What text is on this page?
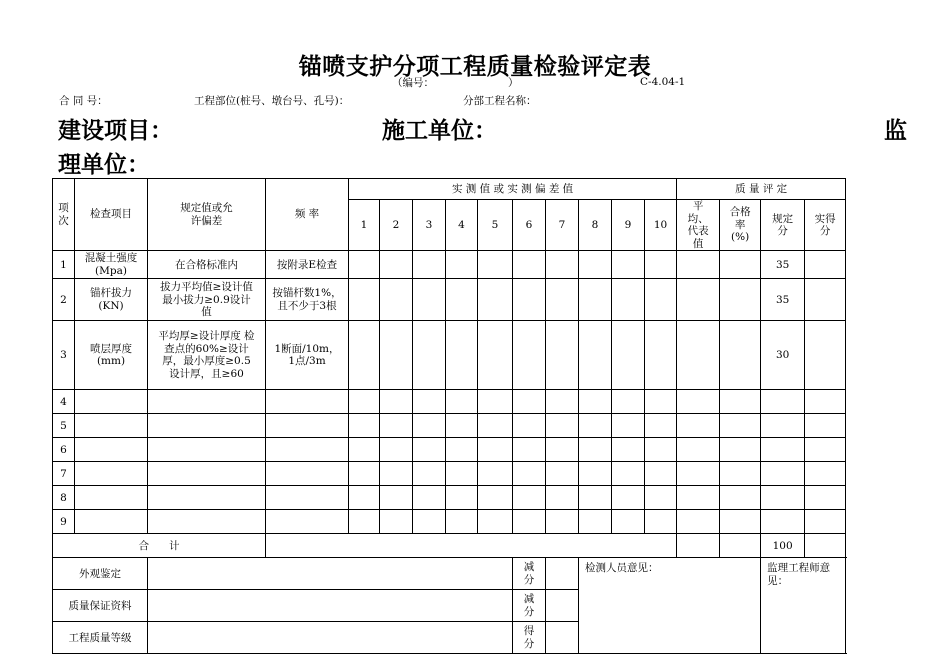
锚喷支护分项工程质量检验评定表
（编号：	）	C-4.04-1
合 同 号：	工程部位(桩号、墩台号、孔号)：	分部工程名称：
建设项目：	施工单位：	监
理单位：
项次	检查项目	规定值或允许偏差	频 率	实 测 值 或 实 测 偏 差 值										质 量 评 定			
				1	2	3	4	5	6	7	8	9	10	平均、代表值	合格率(%)	规定分	实得分
1	混凝土强度(Mpa)	在合格标准内	按附录E检查													35	
2	锚杆拔力(KN)	拔力平均值≥设计值 最小拔力≥0.9设计值	按锚杆数1%，且不少于3根													35	
3	喷层厚度(mm)	平均厚≥设计厚度 检查点的60%≥设计厚，最小厚度≥0.5设计厚，且≥60	1断面/10m，1点/3m													30	
4																	
5																	
6																	
7																	
8																	
9																	
合      计																100	
外观鉴定									减分		检测人员意见：					监理工程师意见：	
质量保证资料									减分								
工程质量等级									得分								
